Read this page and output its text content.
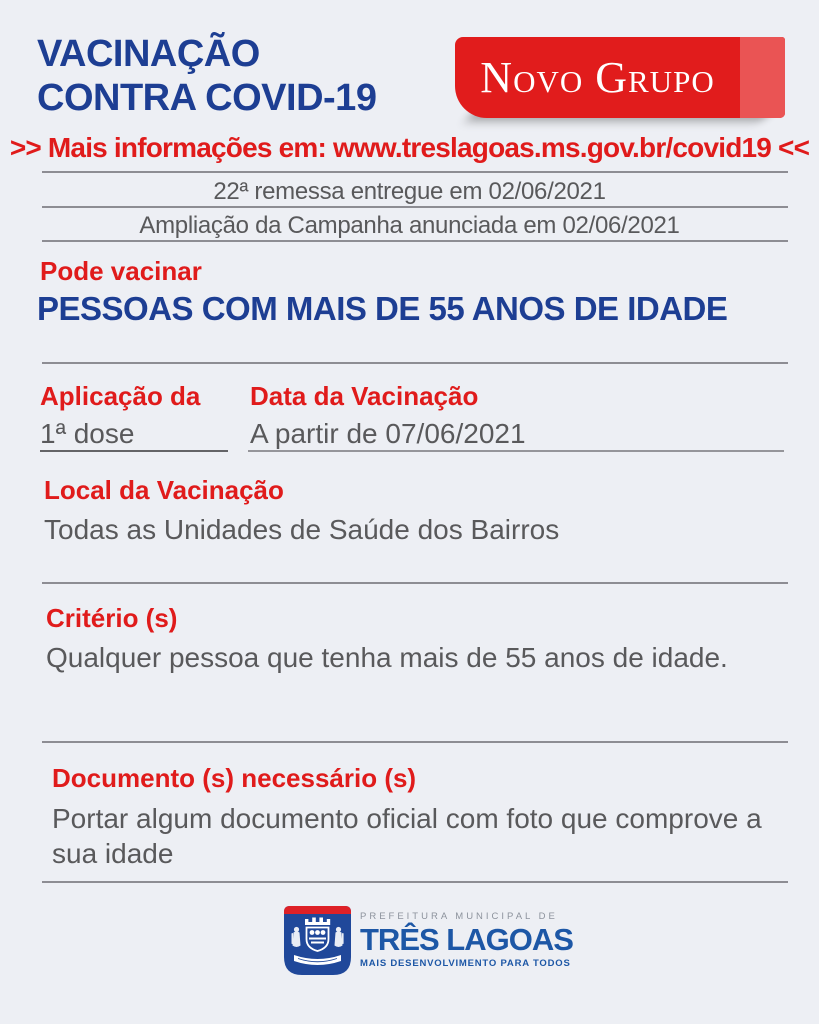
VACINAÇÃO
CONTRA COVID-19	Novo Grupo
>> Mais informações em: www.treslagoas.ms.gov.br/covid19 <<
22ª remessa entregue em 02/06/2021
Ampliação da Campanha anunciada em 02/06/2021
Pode vacinar
PESSOAS COM MAIS DE 55 ANOS DE IDADE
Aplicação da
1ª dose
Data da Vacinação
A partir de 07/06/2021
Local da Vacinação
Todas as Unidades de Saúde dos Bairros
Critério (s)
Qualquer pessoa que tenha mais de 55 anos de idade.
Documento (s) necessário (s)
Portar algum documento oficial com foto que comprove a sua idade
PREFEITURA MUNICIPAL DE
TRÊS LAGOAS
MAIS DESENVOLVIMENTO PARA TODOS
